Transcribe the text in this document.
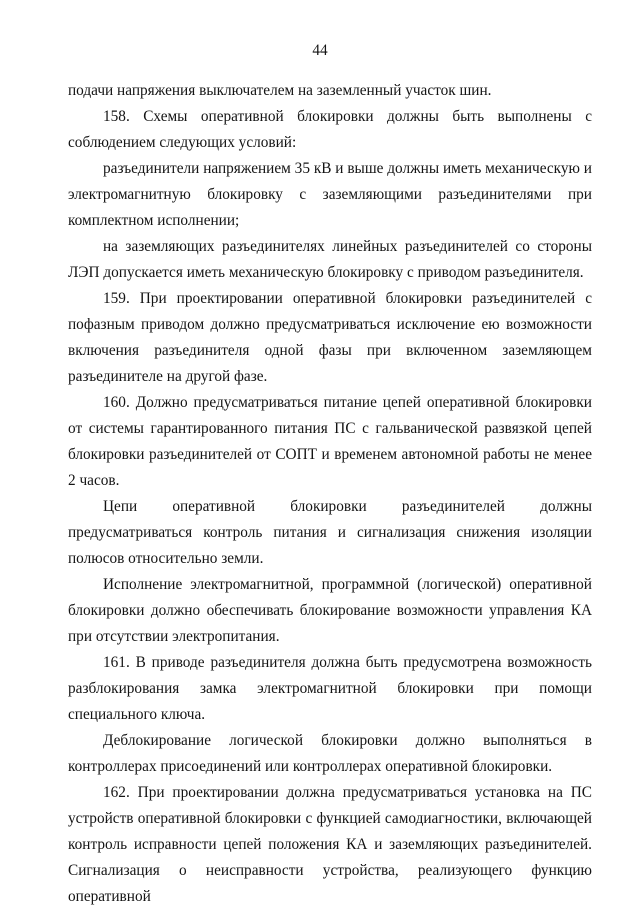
44

подачи напряжения выключателем на заземленный участок шин.

158. Схемы оперативной блокировки должны быть выполнены с соблюдением следующих условий:

разъединители напряжением 35 кВ и выше должны иметь механическую и электромагнитную блокировку с заземляющими разъединителями при комплектном исполнении;

на заземляющих разъединителях линейных разъединителей со стороны ЛЭП допускается иметь механическую блокировку с приводом разъединителя.

159. При проектировании оперативной блокировки разъединителей с пофазным приводом должно предусматриваться исключение ею возможности включения разъединителя одной фазы при включенном заземляющем разъединителе на другой фазе.

160. Должно предусматриваться питание цепей оперативной блокировки от системы гарантированного питания ПС с гальванической развязкой цепей блокировки разъединителей от СОПТ и временем автономной работы не менее 2 часов.

Цепи оперативной блокировки разъединителей должны предусматриваться контроль питания и сигнализация снижения изоляции полюсов относительно земли.

Исполнение электромагнитной, программной (логической) оперативной блокировки должно обеспечивать блокирование возможности управления КА при отсутствии электропитания.

161. В приводе разъединителя должна быть предусмотрена возможность разблокирования замка электромагнитной блокировки при помощи специального ключа.

Деблокирование логической блокировки должно выполняться в контроллерах присоединений или контроллерах оперативной блокировки.

162. При проектировании должна предусматриваться установка на ПС устройств оперативной блокировки с функцией самодиагностики, включающей контроль исправности цепей положения КА и заземляющих разъединителей. Сигнализация о неисправности устройства, реализующего функцию оперативной
